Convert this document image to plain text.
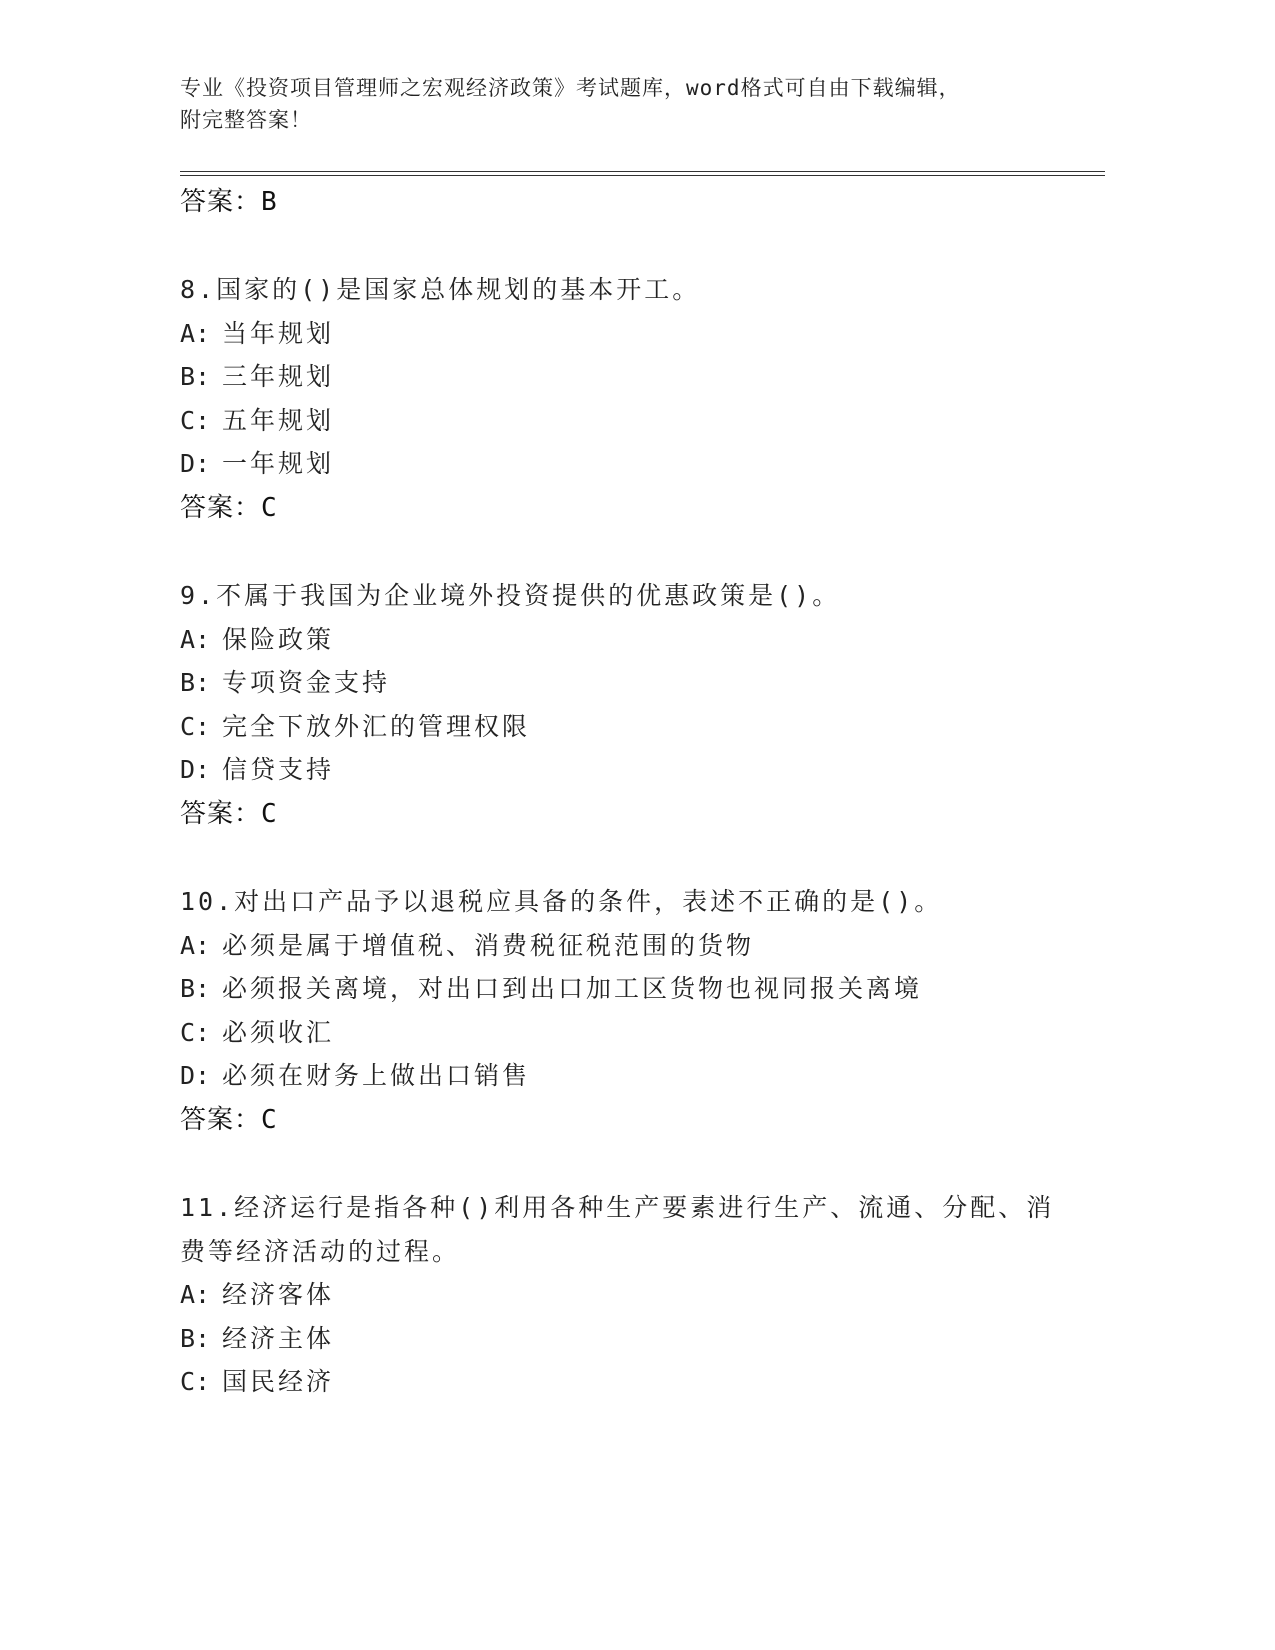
专业《投资项目管理师之宏观经济政策》考试题库，word格式可自由下载编辑，
附完整答案！
答案：B
8.国家的()是国家总体规划的基本开工。
A: 当年规划
B: 三年规划
C: 五年规划
D: 一年规划
答案：C
9.不属于我国为企业境外投资提供的优惠政策是()。
A: 保险政策
B: 专项资金支持
C: 完全下放外汇的管理权限
D: 信贷支持
答案：C
10.对出口产品予以退税应具备的条件，表述不正确的是()。
A: 必须是属于增值税、消费税征税范围的货物
B: 必须报关离境，对出口到出口加工区货物也视同报关离境
C: 必须收汇
D: 必须在财务上做出口销售
答案：C
11.经济运行是指各种()利用各种生产要素进行生产、流通、分配、消
费等经济活动的过程。
A: 经济客体
B: 经济主体
C: 国民经济
